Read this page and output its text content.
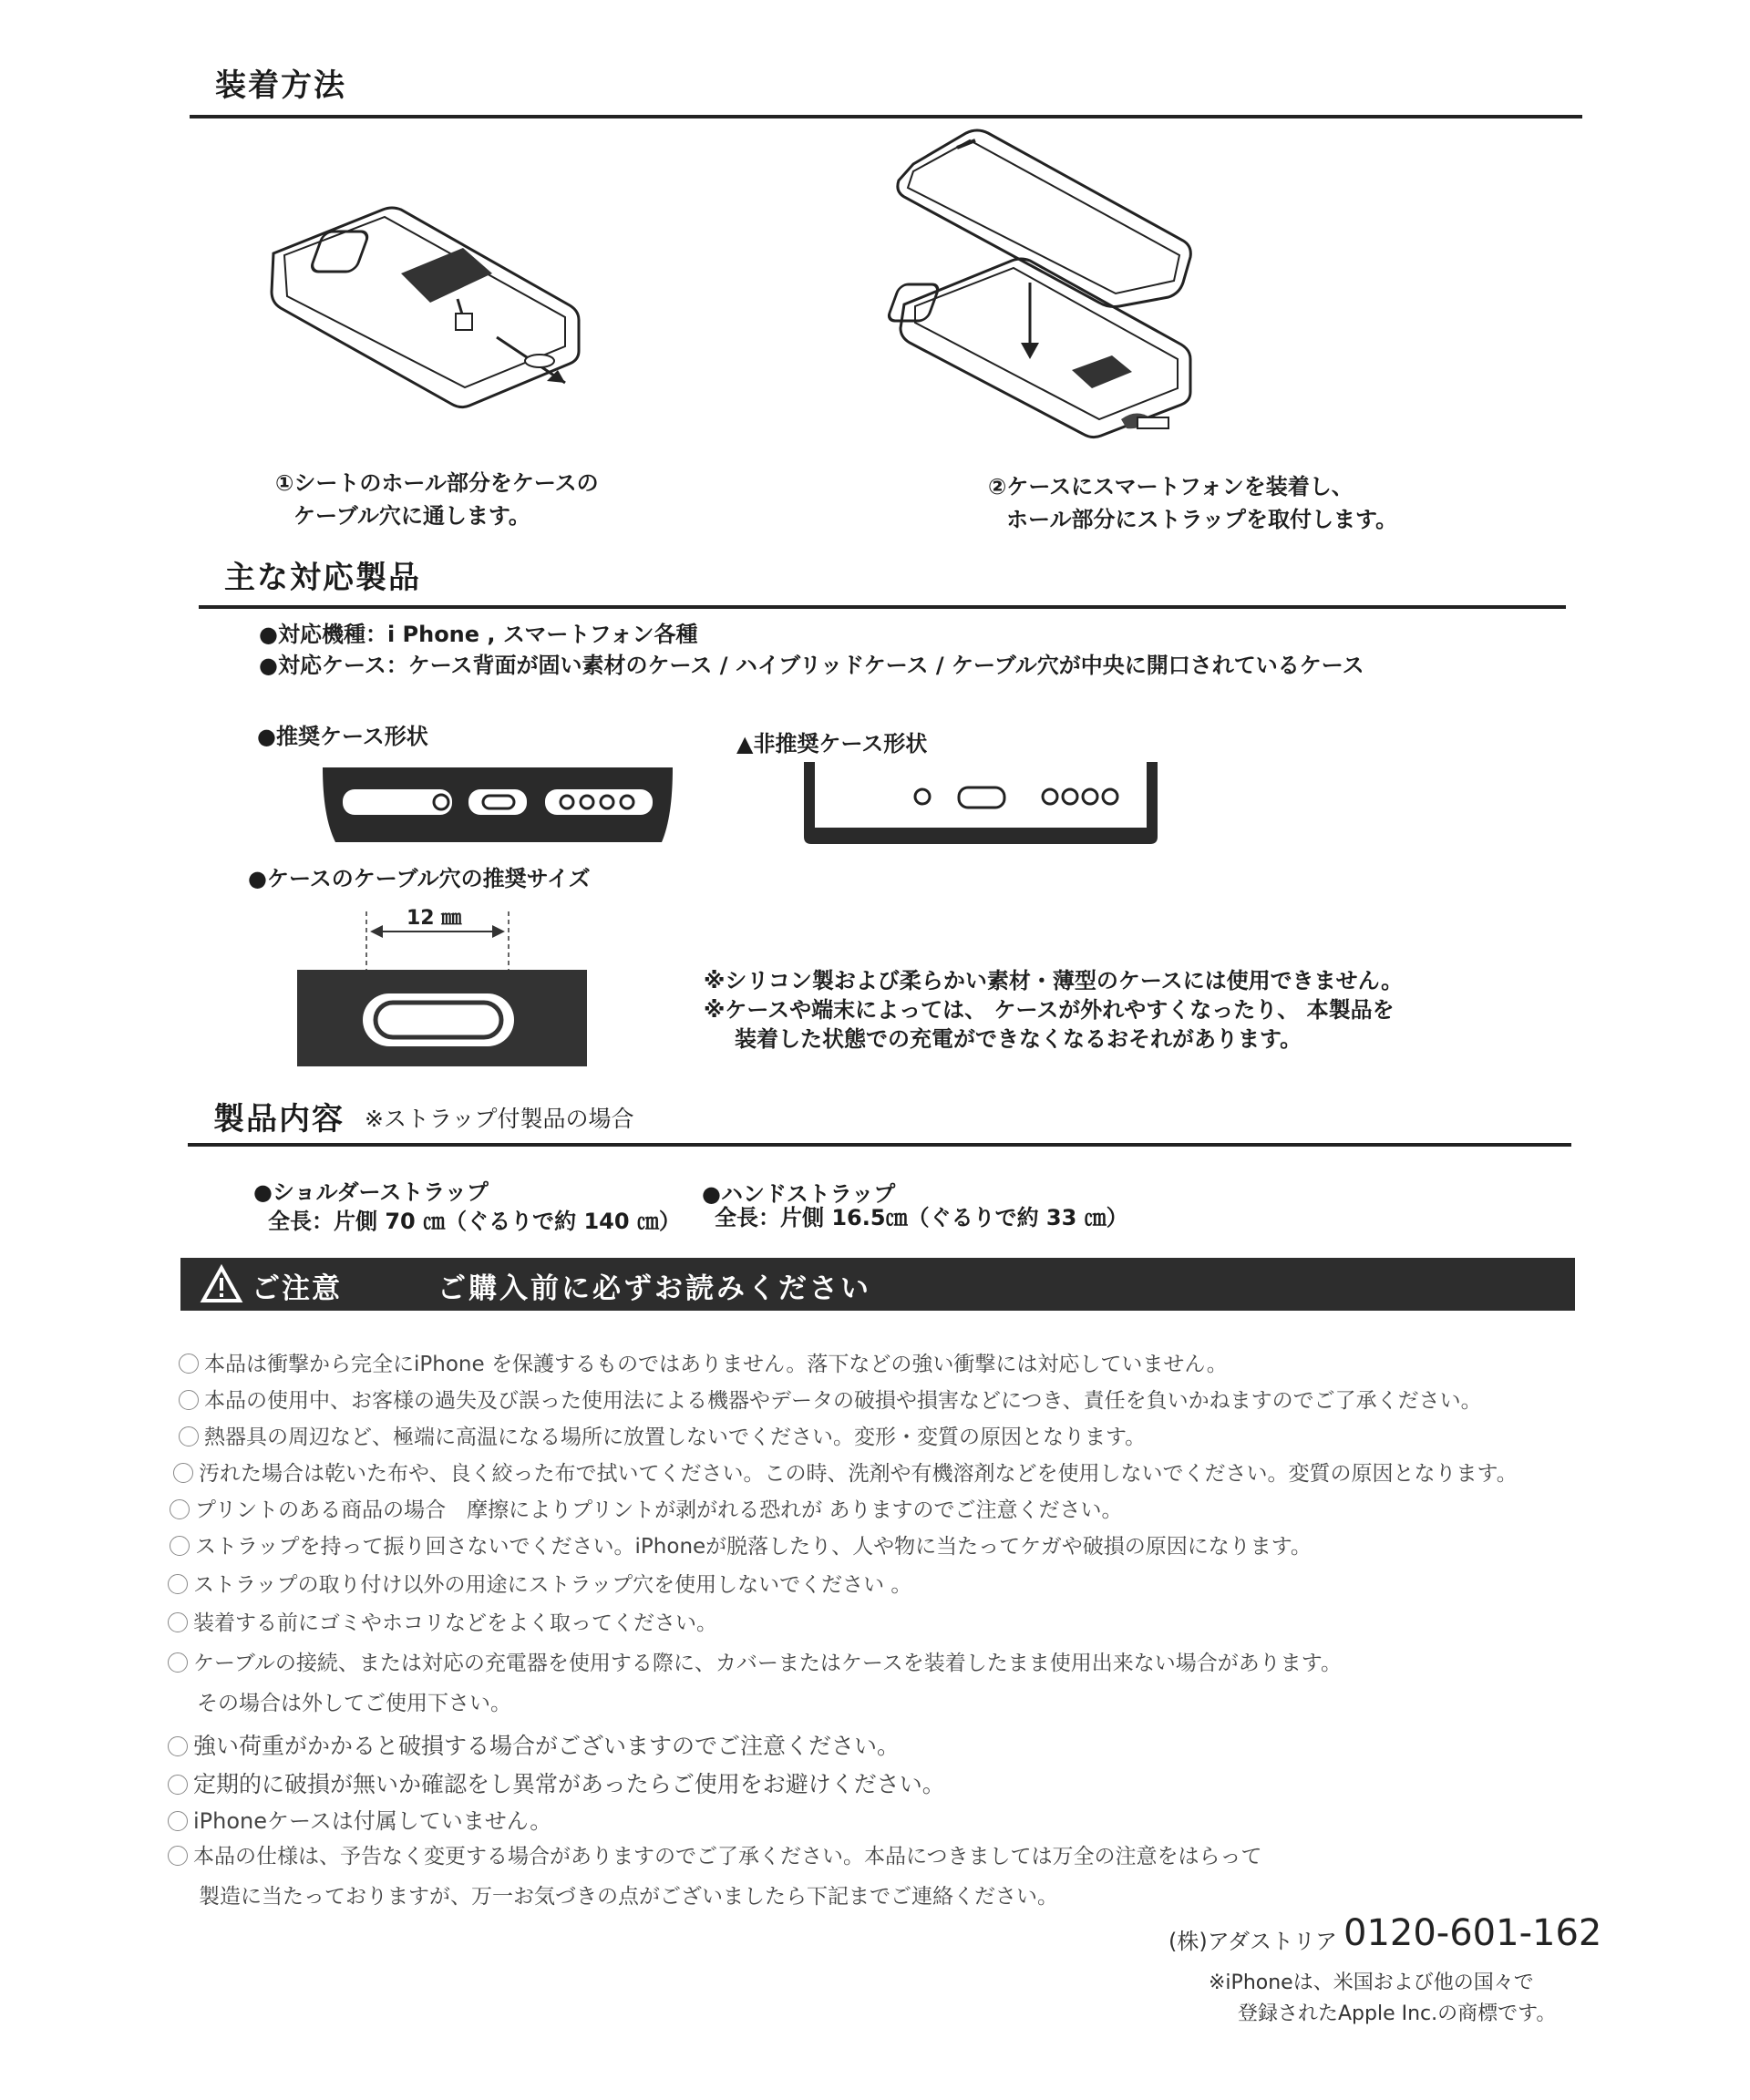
装着方法
①シートのホール部分をケースの
ケーブル穴に通します。
②ケースにスマートフォンを装着し、
ホール部分にストラップを取付します。
主な対応製品
●対応機種：i Phone , スマートフォン各種
●対応ケース：ケース背面が固い素材のケース / ハイブリッドケース / ケーブル穴が中央に開口されているケース
●推奨ケース形状	▲非推奨ケース形状
●ケースのケーブル穴の推奨サイズ
12 ㎜
※シリコン製および柔らかい素材・薄型のケースには使用できません。
※ケースや端末によっては、 ケースが外れやすくなったり、 本製品を
装着した状態での充電ができなくなるおそれがあります。
製品内容 ※ストラップ付製品の場合
●ショルダーストラップ
全長：片側 70 ㎝（ぐるりで約 140 ㎝）
●ハンドストラップ
全長：片側 16.5㎝（ぐるりで約 33 ㎝）
ご注意	ご購入前に必ずお読みください
本品は衝撃から完全にiPhone を保護するものではありません。落下などの強い衝撃には対応していません。
本品の使用中、お客様の過失及び誤った使用法による機器やデータの破損や損害などにつき、責任を負いかねますのでご了承ください。
熱器具の周辺など、極端に高温になる場所に放置しないでください。変形・変質の原因となります。
汚れた場合は乾いた布や、良く絞った布で拭いてください。この時、洗剤や有機溶剤などを使用しないでください。変質の原因となります。
プリントのある商品の場合　摩擦によりプリントが剥がれる恐れが ありますのでご注意ください。
ストラップを持って振り回さないでください。iPhoneが脱落したり、人や物に当たってケガや破損の原因になります。
ストラップの取り付け以外の用途にストラップ穴を使用しないでください 。
装着する前にゴミやホコリなどをよく取ってください。
ケーブルの接続、または対応の充電器を使用する際に、カバーまたはケースを装着したまま使用出来ない場合があります。
その場合は外してご使用下さい。
強い荷重がかかると破損する場合がございますのでご注意ください。
定期的に破損が無いか確認をし異常があったらご使用をお避けください。
iPhoneケースは付属していません。
本品の仕様は、予告なく変更する場合がありますのでご了承ください。本品につきましては万全の注意をはらって
製造に当たっておりますが、万一お気づきの点がございましたら下記までご連絡ください。
(株)アダストリア 0120-601-162
※iPhoneは、米国および他の国々で
登録されたApple Inc.の商標です。
